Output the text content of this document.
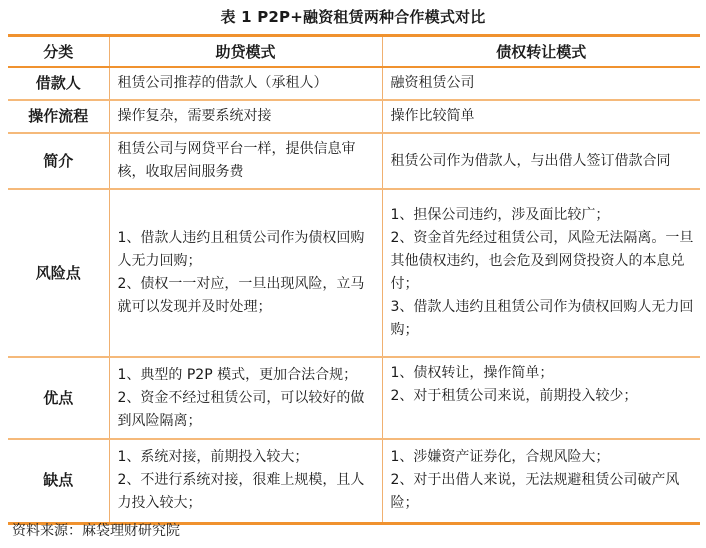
表 1 P2P+融资租赁两种合作模式对比
分类	助贷模式	债权转让模式
借款人	租赁公司推荐的借款人（承租人）	融资租赁公司

操作流程	操作复杂，需要系统对接	操作比较简单

简介	租赁公司与网贷平台一样，提供信息审核，收取居间服务费	租赁公司作为借款人，与出借人签订借款合同

风险点	1、借款人违约且租赁公司作为债权回购人无力回购；
2、债权一一对应，一旦出现风险，立马就可以发现并及时处理；	1、担保公司违约，涉及面比较广；
2、资金首先经过租赁公司，风险无法隔离。一旦其他债权违约，也会危及到网贷投资人的本息兑付；
3、借款人违约且租赁公司作为债权回购人无力回购；

优点	1、典型的 P2P 模式，更加合法合规；
2、资金不经过租赁公司，可以较好的做到风险隔离；	1、债权转让，操作简单；
2、对于租赁公司来说，前期投入较少；

缺点	1、系统对接，前期投入较大；
2、不进行系统对接，很难上规模，且人力投入较大；	1、涉嫌资产证券化，合规风险大；
2、对于出借人来说，无法规避租赁公司破产风险；
资料来源：麻袋理财研究院
